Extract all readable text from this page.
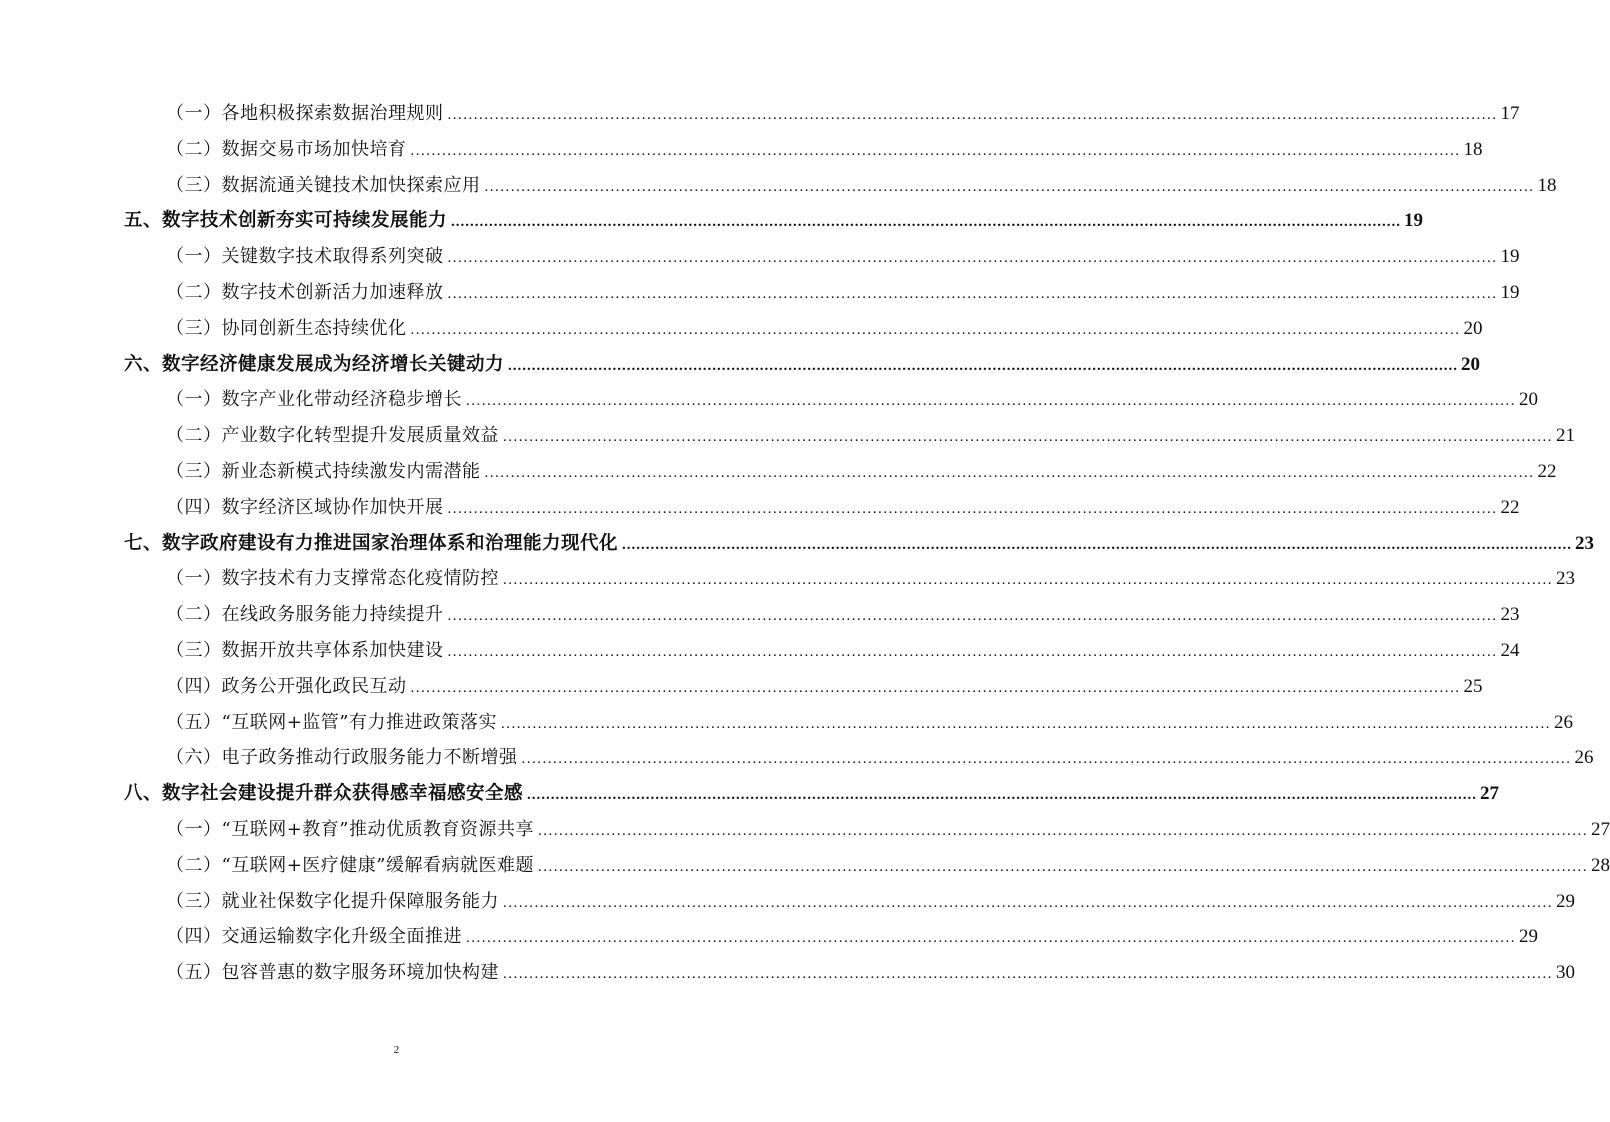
（一）各地积极探索数据治理规则 ........................................................................................................................................................................................................ 17
（二）数据交易市场加快培育 ........................................................................................................................................................................................................ 18
（三）数据流通关键技术加快探索应用 ........................................................................................................................................................................................................ 18
五、数字技术创新夯实可持续发展能力 ........................................................................................................................................................................................................ 19
（一）关键数字技术取得系列突破 ........................................................................................................................................................................................................ 19
（二）数字技术创新活力加速释放 ........................................................................................................................................................................................................ 19
（三）协同创新生态持续优化 ........................................................................................................................................................................................................ 20
六、数字经济健康发展成为经济增长关键动力 ........................................................................................................................................................................................................ 20
（一）数字产业化带动经济稳步增长 ........................................................................................................................................................................................................ 20
（二）产业数字化转型提升发展质量效益 ........................................................................................................................................................................................................ 21
（三）新业态新模式持续激发内需潜能 ........................................................................................................................................................................................................ 22
（四）数字经济区域协作加快开展 ........................................................................................................................................................................................................ 22
七、数字政府建设有力推进国家治理体系和治理能力现代化 ........................................................................................................................................................................................................ 23
（一）数字技术有力支撑常态化疫情防控 ........................................................................................................................................................................................................ 23
（二）在线政务服务能力持续提升 ........................................................................................................................................................................................................ 23
（三）数据开放共享体系加快建设 ........................................................................................................................................................................................................ 24
（四）政务公开强化政民互动 ........................................................................................................................................................................................................ 25
（五）“互联网+监管”有力推进政策落实 ........................................................................................................................................................................................................ 26
（六）电子政务推动行政服务能力不断增强 ........................................................................................................................................................................................................ 26
八、数字社会建设提升群众获得感幸福感安全感 ........................................................................................................................................................................................................ 27
（一）“互联网+教育”推动优质教育资源共享 ........................................................................................................................................................................................................ 27
（二）“互联网+医疗健康”缓解看病就医难题 ........................................................................................................................................................................................................ 28
（三）就业社保数字化提升保障服务能力 ........................................................................................................................................................................................................ 29
（四）交通运输数字化升级全面推进 ........................................................................................................................................................................................................ 29
（五）包容普惠的数字服务环境加快构建 ........................................................................................................................................................................................................ 30
2
